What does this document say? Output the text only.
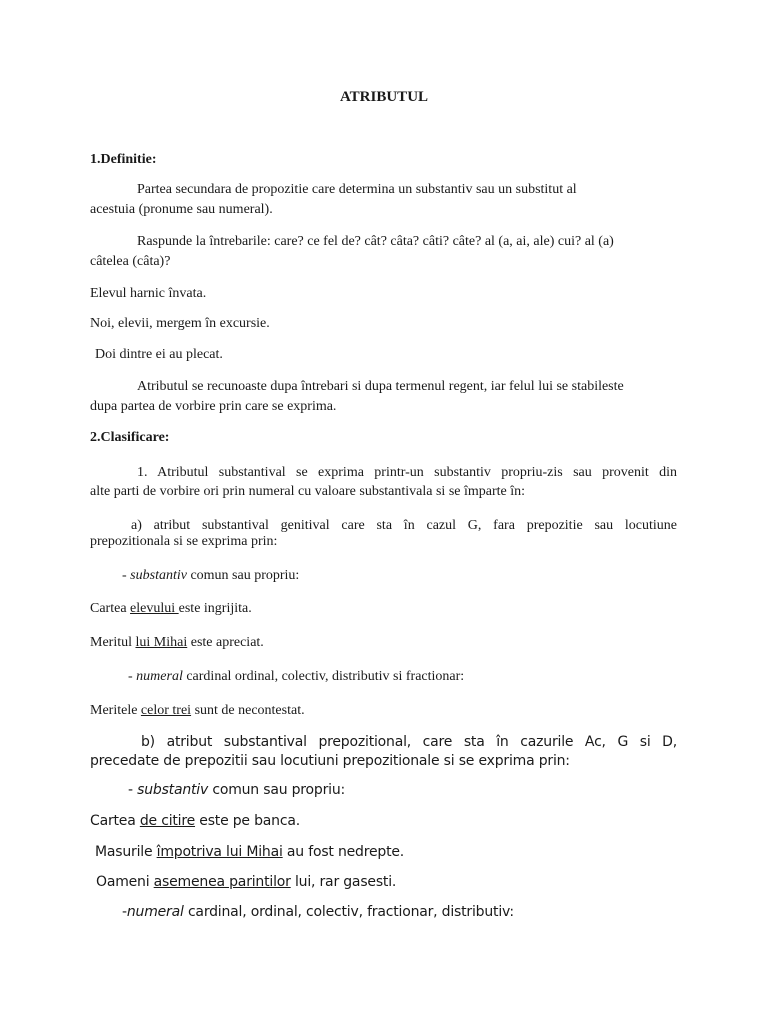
ATRIBUTUL

1.Definitie:

Partea secundara de propozitie care determina un substantiv sau un substitut al

acestuia (pronume sau numeral).

Raspunde la întrebarile: care? ce fel de? cât? câta? câti? câte? al (a, ai, ale) cui? al (a)

câtelea (câta)?

Elevul harnic învata.

Noi, elevii, mergem în excursie.

Doi dintre ei au plecat.

Atributul se recunoaste dupa întrebari si dupa termenul regent, iar felul lui se stabileste

dupa partea de vorbire prin care se exprima.

2.Clasificare:

1. Atributul substantival se exprima printr-un substantiv propriu-zis sau provenit din

alte parti de vorbire ori prin numeral cu valoare substantivala si se împarte în:

a) atribut substantival genitival care sta în cazul G, fara prepozitie sau locutiune

prepozitionala si se exprima prin:

- substantiv comun sau propriu:

Cartea elevului este ingrijita.

Meritul lui Mihai este apreciat.

- numeral cardinal ordinal, colectiv, distributiv si fractionar:

Meritele celor trei sunt de necontestat.

b) atribut substantival prepozitional, care sta în cazurile Ac, G si D,

precedate de prepozitii sau locutiuni prepozitionale si se exprima prin:

- substantiv comun sau propriu:

Cartea de citire este pe banca.

Masurile împotriva lui Mihai au fost nedrepte.

Oameni asemenea parintilor lui, rar gasesti.

-numeral cardinal, ordinal, colectiv, fractionar, distributiv:
